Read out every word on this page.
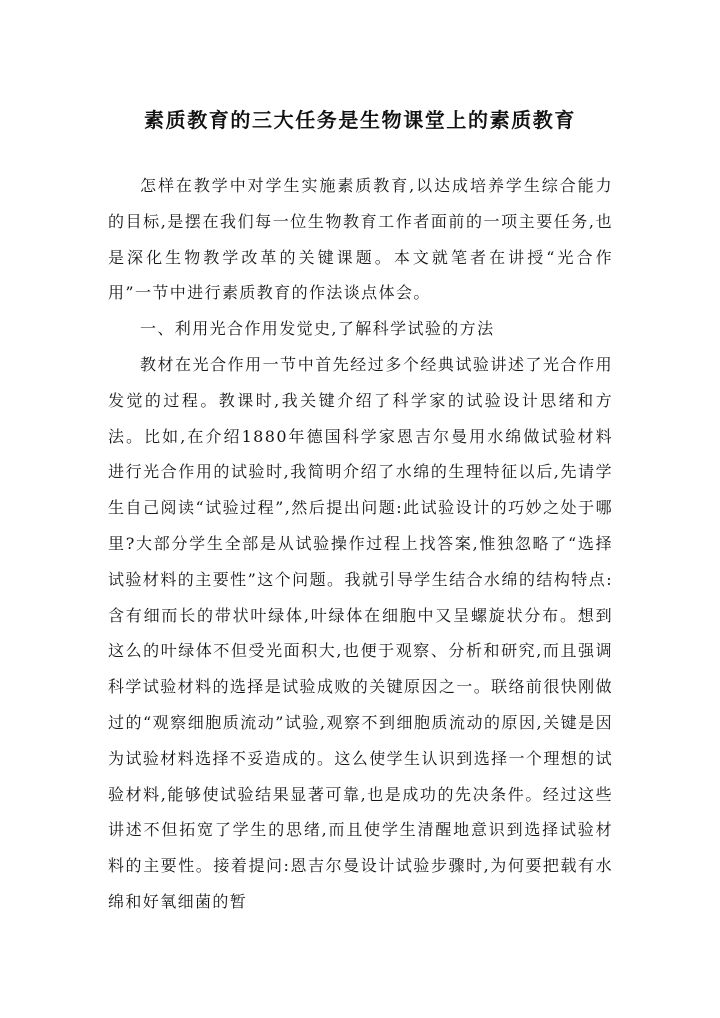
素质教育的三大任务是生物课堂上的素质教育

怎样在教学中对学生实施素质教育,以达成培养学生综合能力的目标,是摆在我们每一位生物教育工作者面前的一项主要任务,也是深化生物教学改革的关键课题。本文就笔者在讲授“光合作用”一节中进行素质教育的作法谈点体会。

一、利用光合作用发觉史,了解科学试验的方法

教材在光合作用一节中首先经过多个经典试验讲述了光合作用发觉的过程。教课时,我关键介绍了科学家的试验设计思绪和方法。比如,在介绍1880年德国科学家恩吉尔曼用水绵做试验材料进行光合作用的试验时,我简明介绍了水绵的生理特征以后,先请学生自己阅读“试验过程”,然后提出问题:此试验设计的巧妙之处于哪里?大部分学生全部是从试验操作过程上找答案,惟独忽略了“选择试验材料的主要性”这个问题。我就引导学生结合水绵的结构特点:含有细而长的带状叶绿体,叶绿体在细胞中又呈螺旋状分布。想到这么的叶绿体不但受光面积大,也便于观察、分析和研究,而且强调科学试验材料的选择是试验成败的关键原因之一。联络前很快刚做过的“观察细胞质流动”试验,观察不到细胞质流动的原因,关键是因为试验材料选择不妥造成的。这么使学生认识到选择一个理想的试验材料,能够使试验结果显著可靠,也是成功的先决条件。经过这些讲述不但拓宽了学生的思绪,而且使学生清醒地意识到选择试验材料的主要性。接着提问:恩吉尔曼设计试验步骤时,为何要把载有水绵和好氧细菌的暂
